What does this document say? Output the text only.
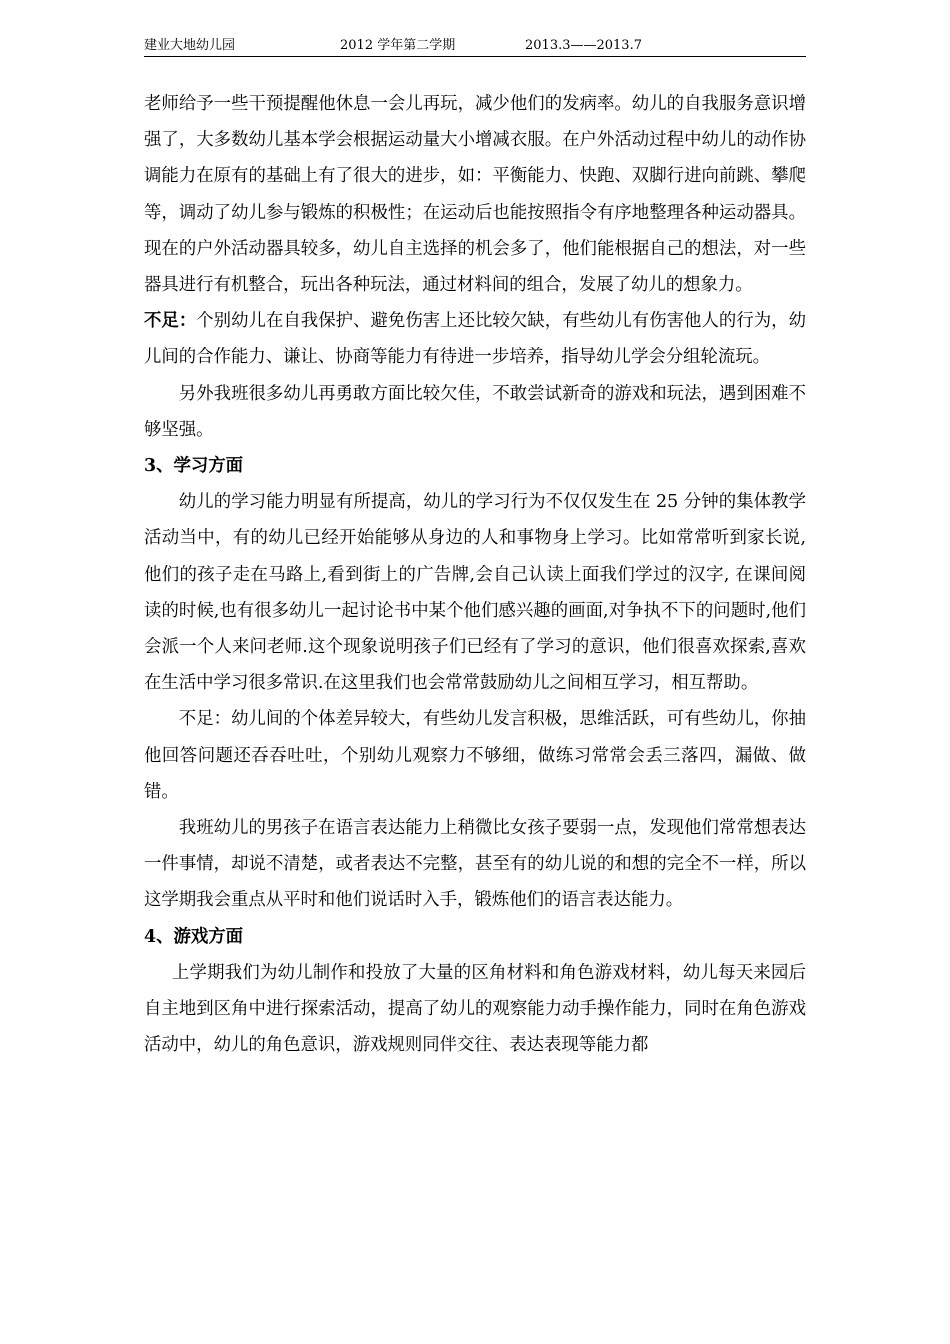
建业大地幼儿园	2012 学年第二学期	2013.3——2013.7

老师给予一些干预提醒他休息一会儿再玩，减少他们的发病率。幼儿的自我服务意识增强了，大多数幼儿基本学会根据运动量大小增减衣服。在户外活动过程中幼儿的动作协调能力在原有的基础上有了很大的进步，如：平衡能力、快跑、双脚行进向前跳、攀爬等，调动了幼儿参与锻炼的积极性；在运动后也能按照指令有序地整理各种运动器具。现在的户外活动器具较多，幼儿自主选择的机会多了，他们能根据自己的想法，对一些器具进行有机整合，玩出各种玩法，通过材料间的组合，发展了幼儿的想象力。

不足：个别幼儿在自我保护、避免伤害上还比较欠缺，有些幼儿有伤害他人的行为，幼儿间的合作能力、谦让、协商等能力有待进一步培养，指导幼儿学会分组轮流玩。

另外我班很多幼儿再勇敢方面比较欠佳，不敢尝试新奇的游戏和玩法，遇到困难不够坚强。

3、学习方面

幼儿的学习能力明显有所提高，幼儿的学习行为不仅仅发生在 25 分钟的集体教学活动当中，有的幼儿已经开始能够从身边的人和事物身上学习。比如常常听到家长说,他们的孩子走在马路上,看到街上的广告牌,会自己认读上面我们学过的汉字, 在课间阅读的时候,也有很多幼儿一起讨论书中某个他们感兴趣的画面,对争执不下的问题时,他们会派一个人来问老师.这个现象说明孩子们已经有了学习的意识，他们很喜欢探索,喜欢在生活中学习很多常识.在这里我们也会常常鼓励幼儿之间相互学习，相互帮助。

不足：幼儿间的个体差异较大，有些幼儿发言积极，思维活跃，可有些幼儿，你抽他回答问题还吞吞吐吐，个别幼儿观察力不够细，做练习常常会丢三落四，漏做、做错。

我班幼儿的男孩子在语言表达能力上稍微比女孩子要弱一点，发现他们常常想表达一件事情，却说不清楚，或者表达不完整，甚至有的幼儿说的和想的完全不一样，所以这学期我会重点从平时和他们说话时入手，锻炼他们的语言表达能力。

4、游戏方面

上学期我们为幼儿制作和投放了大量的区角材料和角色游戏材料，幼儿每天来园后自主地到区角中进行探索活动，提高了幼儿的观察能力动手操作能力，同时在角色游戏活动中，幼儿的角色意识，游戏规则同伴交往、表达表现等能力都
